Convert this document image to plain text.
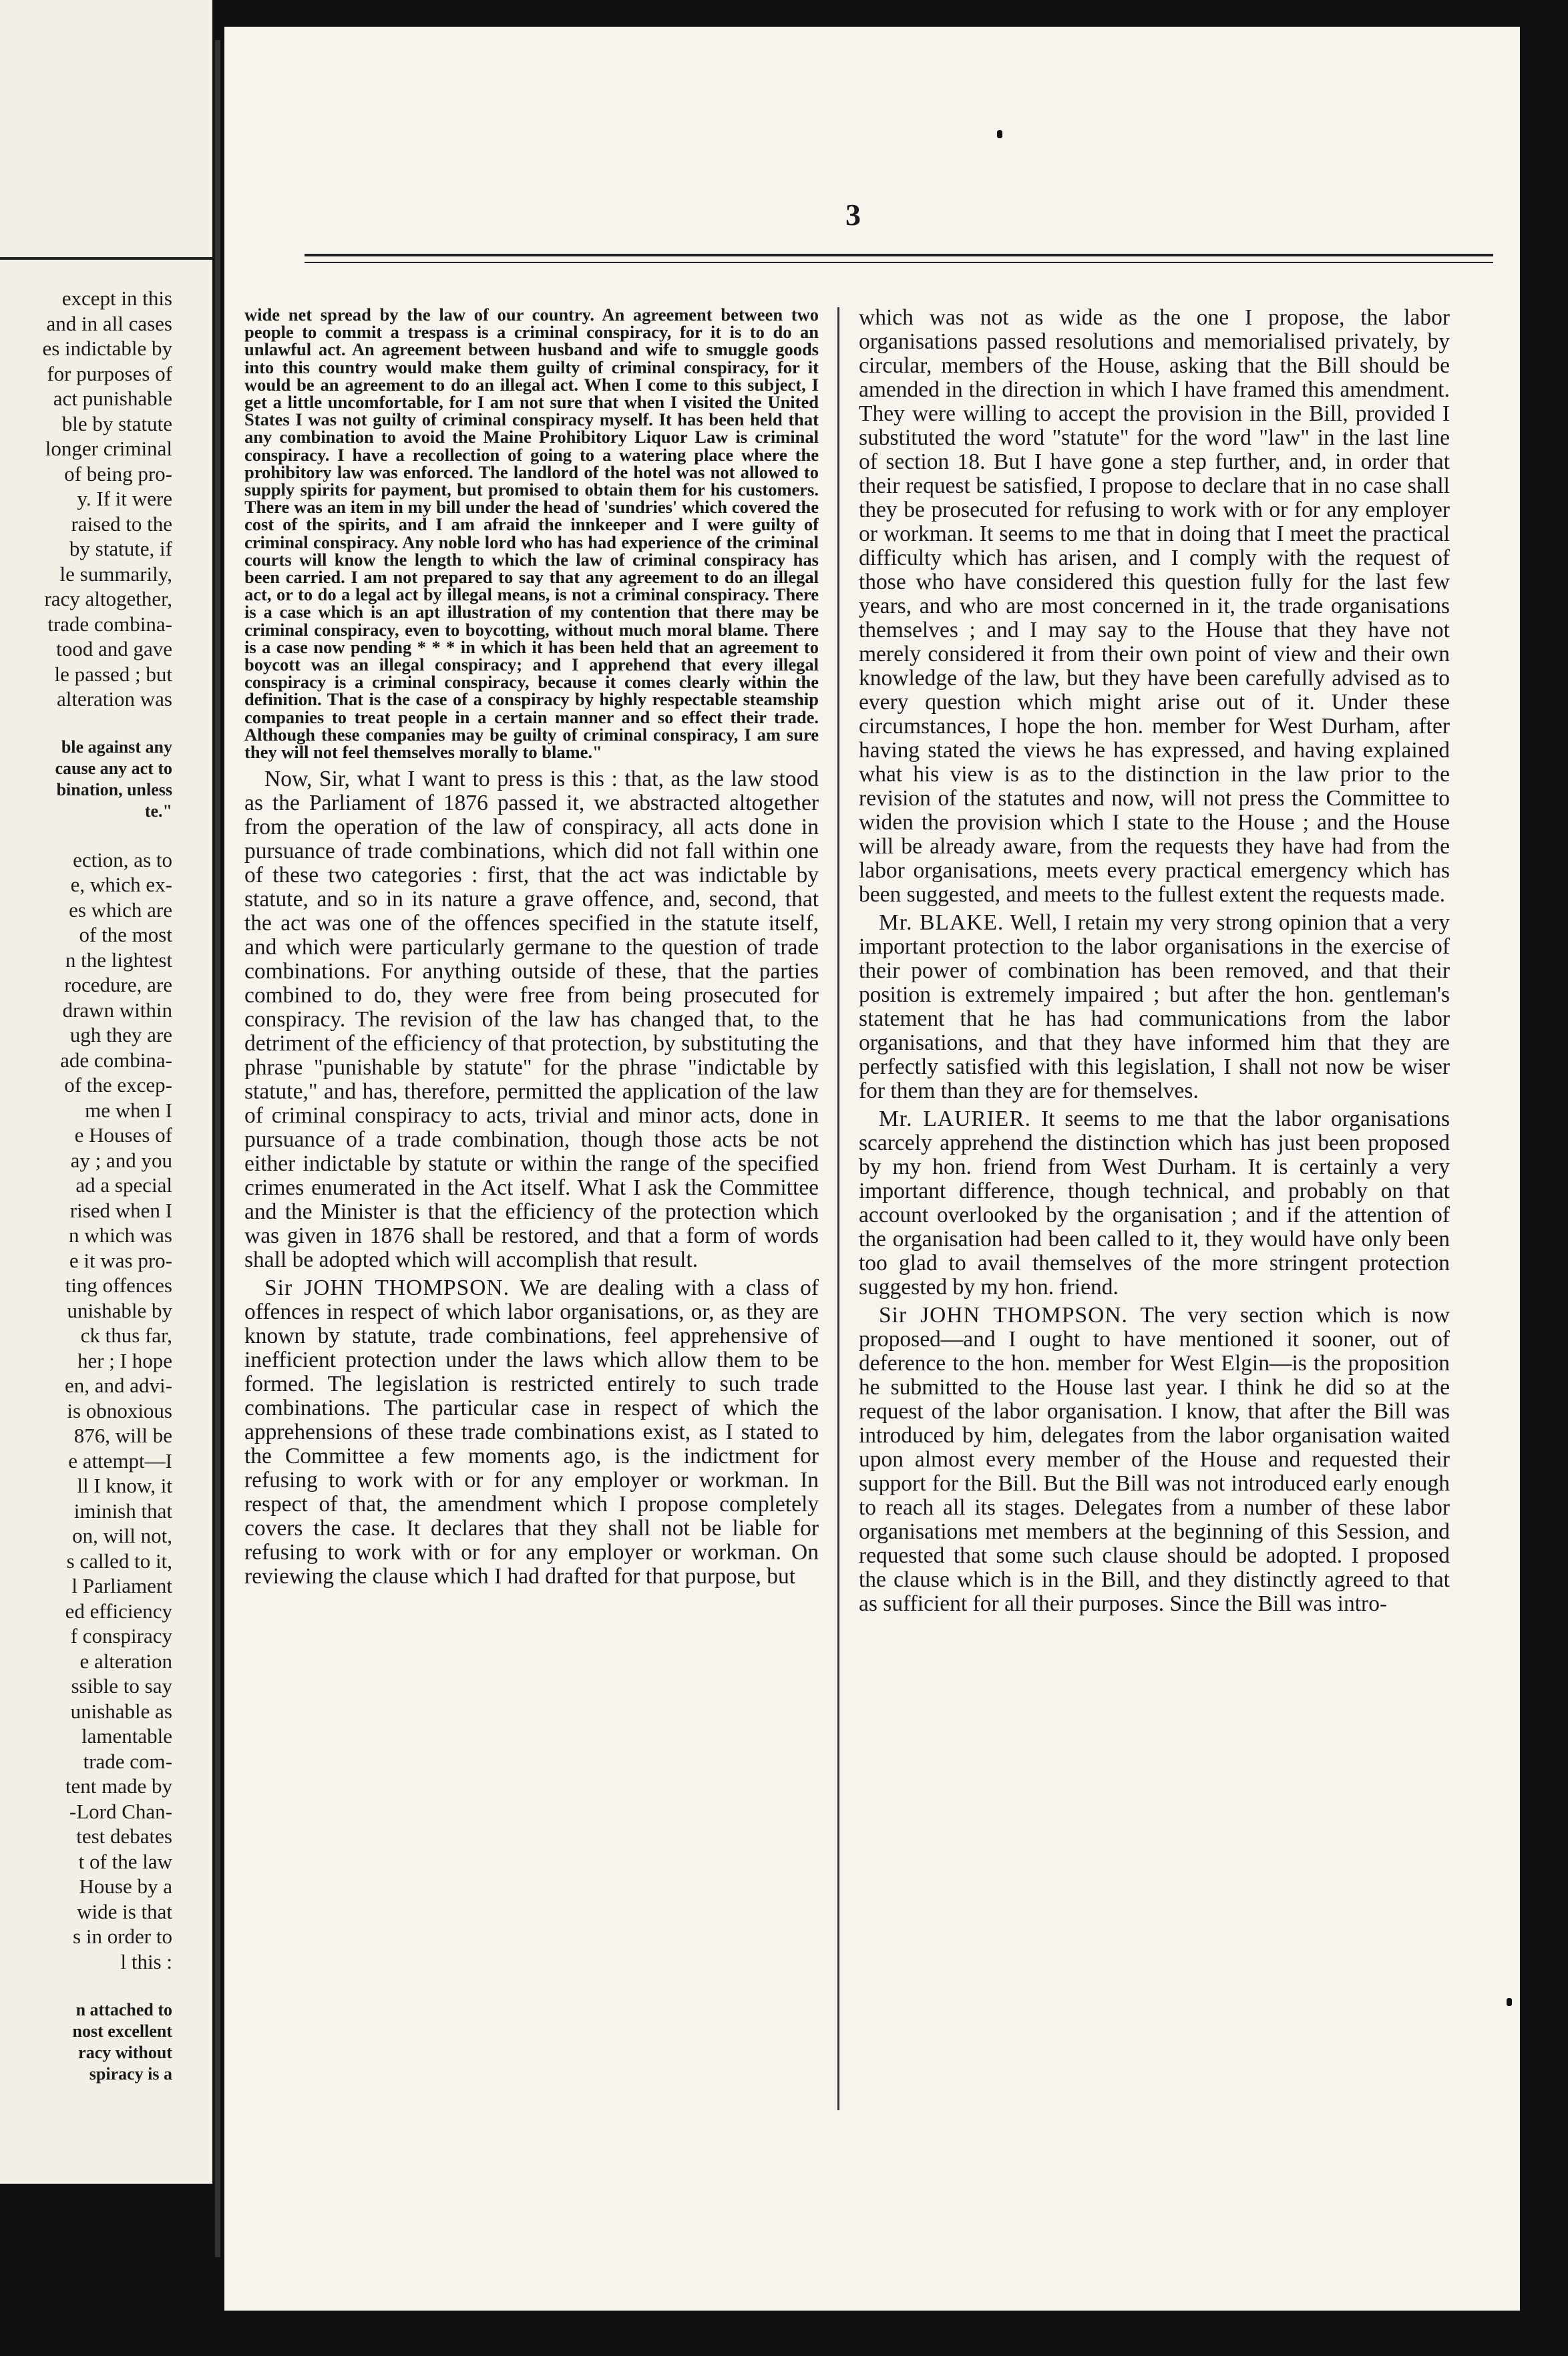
except in this
and in all cases
es indictable by
for purposes of
act punishable
ble by statute
longer criminal
of being pro-
y. If it were
raised to the
by statute, if
le summarily,
racy altogether,
trade combina-
tood and gave
le passed ; but
alteration was

ble against any
cause any act to
bination, unless
te."

ection, as to
e, which ex-
es which are
of the most
n the lightest
rocedure, are
drawn within
ugh they are
ade combina-
of the excep-
me when I
e Houses of
ay ; and you
ad a special
rised when I
n which was
e it was pro-
ting offences
unishable by
ck thus far,
her ; I hope
en, and advi-
is obnoxious
876, will be
e attempt—I
ll I know, it
iminish that
on, will not,
s called to it,
l Parliament
ed efficiency
f conspiracy
e alteration
ssible to say
unishable as
lamentable
trade com-
tent made by
-Lord Chan-
test debates
t of the law
House by a
wide is that
s in order to
l this :

n attached to
nost excellent
racy without
spiracy is a
3

wide net spread by the law of our country. An agreement between two people to commit a trespass is a criminal conspiracy, for it is to do an unlawful act. An agreement between husband and wife to smuggle goods into this country would make them guilty of criminal conspiracy, for it would be an agreement to do an illegal act. When I come to this subject, I get a little uncomfortable, for I am not sure that when I visited the United States I was not guilty of criminal conspiracy myself. It has been held that any combination to avoid the Maine Prohibitory Liquor Law is criminal conspiracy. I have a recollection of going to a watering place where the prohibitory law was enforced. The landlord of the hotel was not allowed to supply spirits for payment, but promised to obtain them for his customers. There was an item in my bill under the head of 'sundries' which covered the cost of the spirits, and I am afraid the innkeeper and I were guilty of criminal conspiracy. Any noble lord who has had experience of the criminal courts will know the length to which the law of criminal conspiracy has been carried. I am not prepared to say that any agreement to do an illegal act, or to do a legal act by illegal means, is not a criminal conspiracy. There is a case which is an apt illustration of my contention that there may be criminal conspiracy, even to boycotting, without much moral blame. There is a case now pending * * * in which it has been held that an agreement to boycott was an illegal conspiracy; and I apprehend that every illegal conspiracy is a criminal conspiracy, because it comes clearly within the definition. That is the case of a conspiracy by highly respectable steamship companies to treat people in a certain manner and so effect their trade. Although these companies may be guilty of criminal conspiracy, I am sure they will not feel themselves morally to blame."

Now, Sir, what I want to press is this : that, as the law stood as the Parliament of 1876 passed it, we abstracted altogether from the operation of the law of conspiracy, all acts done in pursuance of trade combinations, which did not fall within one of these two categories : first, that the act was indictable by statute, and so in its nature a grave offence, and, second, that the act was one of the offences specified in the statute itself, and which were particularly germane to the question of trade combinations. For anything outside of these, that the parties combined to do, they were free from being prosecuted for conspiracy. The revision of the law has changed that, to the detriment of the efficiency of that protection, by substituting the phrase "punishable by statute" for the phrase "indictable by statute," and has, therefore, permitted the application of the law of criminal conspiracy to acts, trivial and minor acts, done in pursuance of a trade combination, though those acts be not either indictable by statute or within the range of the specified crimes enumerated in the Act itself. What I ask the Committee and the Minister is that the efficiency of the protection which was given in 1876 shall be restored, and that a form of words shall be adopted which will accomplish that result.

Sir JOHN THOMPSON. We are dealing with a class of offences in respect of which labor organisations, or, as they are known by statute, trade combinations, feel apprehensive of inefficient protection under the laws which allow them to be formed. The legislation is restricted entirely to such trade combinations. The particular case in respect of which the apprehensions of these trade combinations exist, as I stated to the Committee a few moments ago, is the indictment for refusing to work with or for any employer or workman. In respect of that, the amendment which I propose completely covers the case. It declares that they shall not be liable for refusing to work with or for any employer or workman. On reviewing the clause which I had drafted for that purpose, but

which was not as wide as the one I propose, the labor organisations passed resolutions and memorialised privately, by circular, members of the House, asking that the Bill should be amended in the direction in which I have framed this amendment. They were willing to accept the provision in the Bill, provided I substituted the word "statute" for the word "law" in the last line of section 18. But I have gone a step further, and, in order that their request be satisfied, I propose to declare that in no case shall they be prosecuted for refusing to work with or for any employer or workman. It seems to me that in doing that I meet the practical difficulty which has arisen, and I comply with the request of those who have considered this question fully for the last few years, and who are most concerned in it, the trade organisations themselves ; and I may say to the House that they have not merely considered it from their own point of view and their own knowledge of the law, but they have been carefully advised as to every question which might arise out of it. Under these circumstances, I hope the hon. member for West Durham, after having stated the views he has expressed, and having explained what his view is as to the distinction in the law prior to the revision of the statutes and now, will not press the Committee to widen the provision which I state to the House ; and the House will be already aware, from the requests they have had from the labor organisations, meets every practical emergency which has been suggested, and meets to the fullest extent the requests made.

Mr. BLAKE. Well, I retain my very strong opinion that a very important protection to the labor organisations in the exercise of their power of combination has been removed, and that their position is extremely impaired ; but after the hon. gentleman's statement that he has had communications from the labor organisations, and that they have informed him that they are perfectly satisfied with this legislation, I shall not now be wiser for them than they are for themselves.

Mr. LAURIER. It seems to me that the labor organisations scarcely apprehend the distinction which has just been proposed by my hon. friend from West Durham. It is certainly a very important difference, though technical, and probably on that account overlooked by the organisation ; and if the attention of the organisation had been called to it, they would have only been too glad to avail themselves of the more stringent protection suggested by my hon. friend.

Sir JOHN THOMPSON. The very section which is now proposed—and I ought to have mentioned it sooner, out of deference to the hon. member for West Elgin—is the proposition he submitted to the House last year. I think he did so at the request of the labor organisation. I know, that after the Bill was introduced by him, delegates from the labor organisation waited upon almost every member of the House and requested their support for the Bill. But the Bill was not introduced early enough to reach all its stages. Delegates from a number of these labor organisations met members at the beginning of this Session, and requested that some such clause should be adopted. I proposed the clause which is in the Bill, and they distinctly agreed to that as sufficient for all their purposes. Since the Bill was intro-
